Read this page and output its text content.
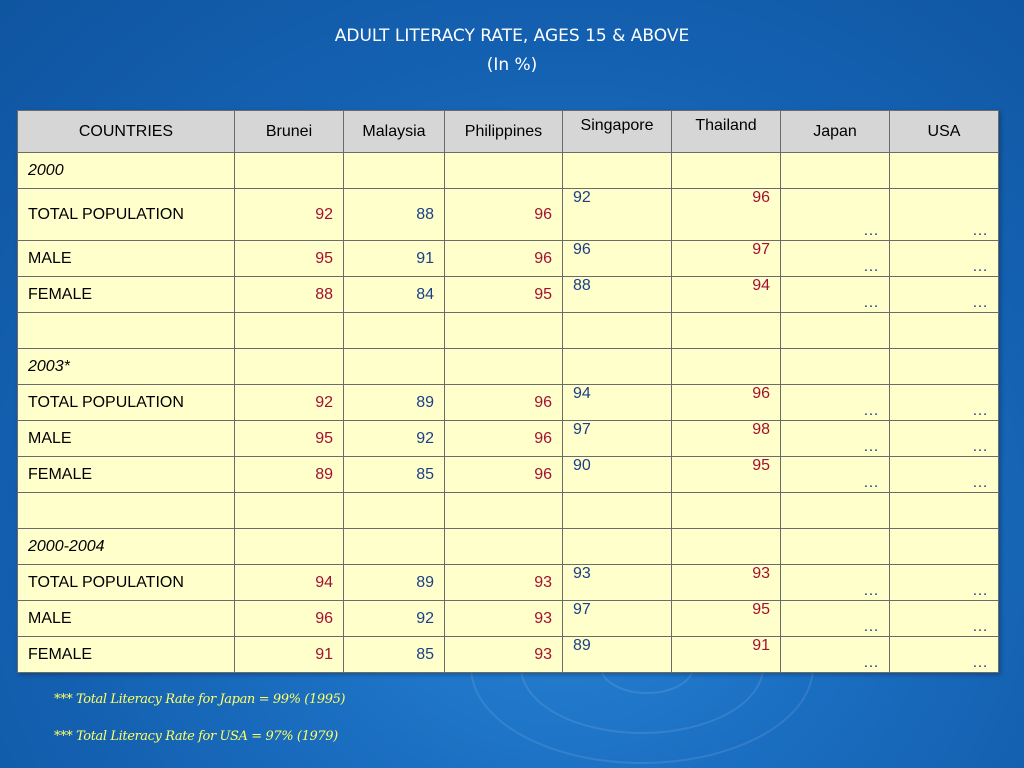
ADULT LITERACY RATE, AGES 15 & ABOVE
(In %)
COUNTRIES	Brunei	Malaysia	Philippines	Singapore	Thailand	Japan	USA
2000							
TOTAL POPULATION	92	88	96	92	96	…	…
MALE	95	91	96	96	97	…	…
FEMALE	88	84	95	88	94	…	…

2003*							
TOTAL POPULATION	92	89	96	94	96	…	…
MALE	95	92	96	97	98	…	…
FEMALE	89	85	96	90	95	…	…

2000-2004							
TOTAL POPULATION	94	89	93	93	93	…	…
MALE	96	92	93	97	95	…	…
FEMALE	91	85	93	89	91	…	…
*** Total Literacy Rate for Japan = 99% (1995)
*** Total Literacy Rate for USA = 97% (1979)
